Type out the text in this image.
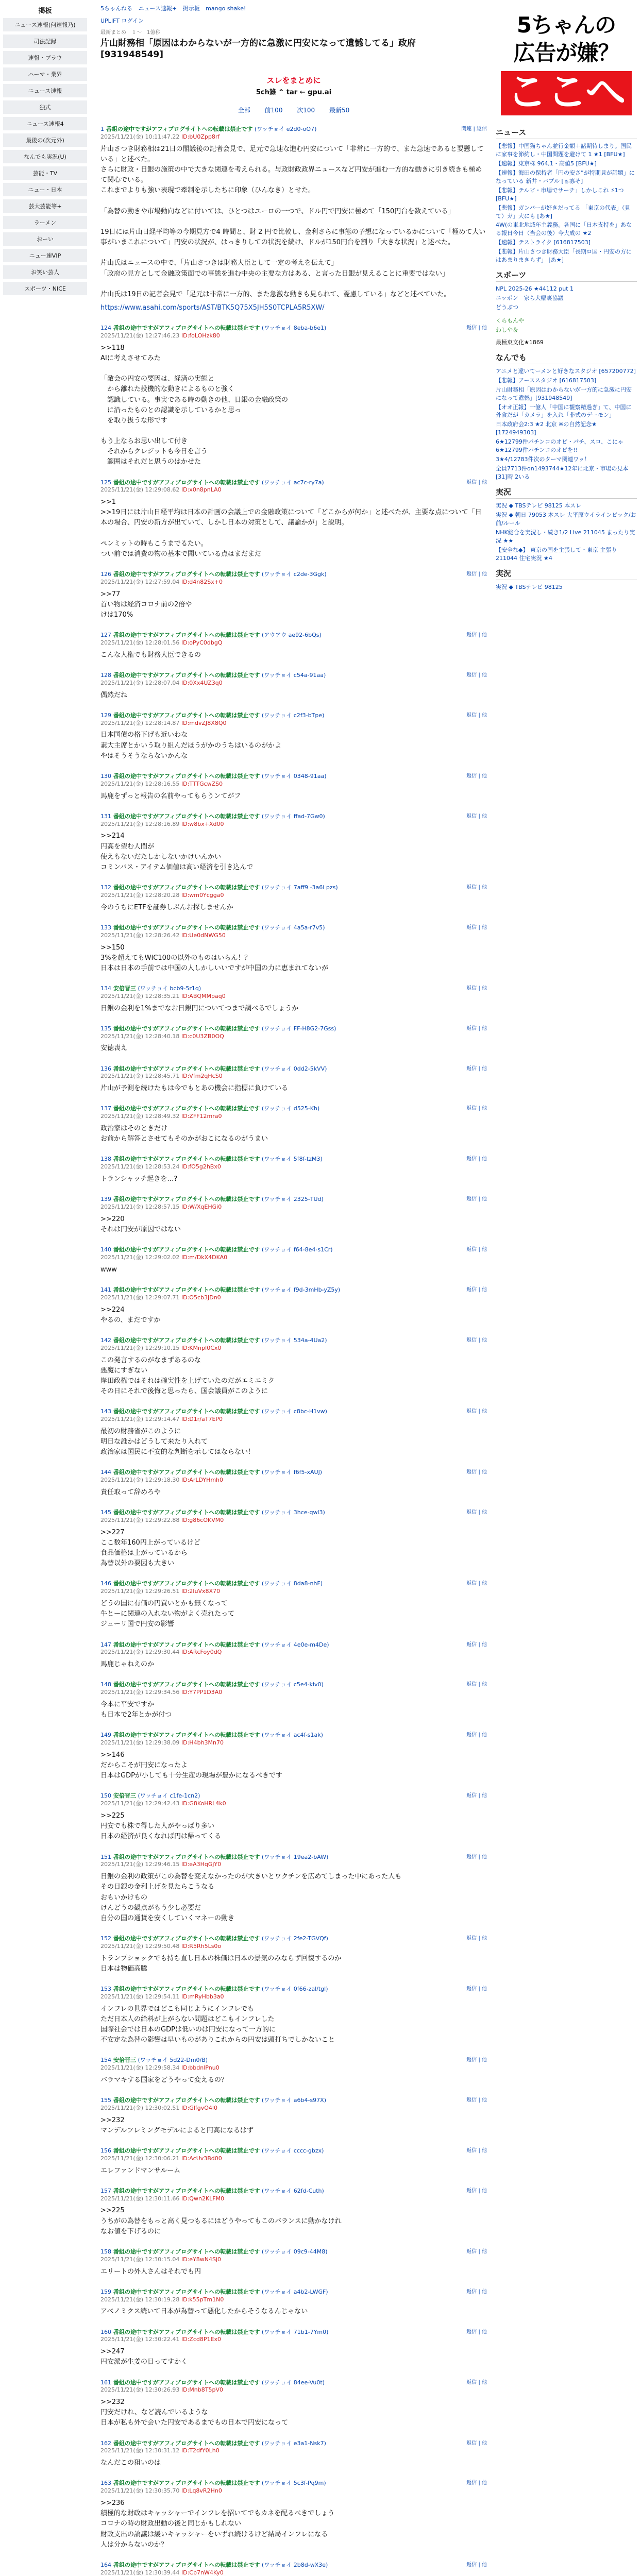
掲板
ニュース速報(何速報乃)
司法記録
速報・ブラウ
ハーマ・業界
ニュース速報
独式
ニュース速報4
最後の(次元外)
なんでも実況(U)
芸能・TV
ニュー・日本
芸大芸能等+
ラーメン
おーい
ニュー速VIP
お笑い芸人
スポーツ・NICE
5ちゃんねる ニュース速報+ 掲示板 mango shake!
UPLIFT ログイン
最新まとめ　１〜　1億秒
片山財務相「原因はわからないが一方的に急激に円安になって遺憾してる」政府 [931948549]
スレをまとめに
5ch雑 ^ tar ← gpu.ai
全部 前100 次100 最新50
1 番組の途中ですがアフィブログサイトへの転載は禁止です (ワッチョイ e2d0-oO7)
2025/11/21(金) 10:11:47.22 ID:bU0Zpp8rf
関連 | 返信
片山さつき財務相は21日の閣議後の記者会見で、足元で急速な進む円安について「非常に一方的で、また急速であると要懸している」と述べた。
さらに財政・日銀の施策の中で大きな関連を考えられる。与政財政政界ニュースなど円安が進む一方的な動きに引き続きも極めて関心でいる。
これまでよりも強い表現で牽制を示したちに印象（ひんなき）とせた。

「為替の動きや市場動向などに付いては、ひとつはユーロの一つで、ドル円で円安に極めて「150円台を数えている」

19日には片山日経平均等の今期見方で4 時間と、財 2 円で比較し、金利さらに事態の予想になっているかについて「極めて大い事がいまこれについて」円安の状況が、はっきりしての状況を続け、ドルが150円台を割り「大きな状況」と述べた。

片山氏はニュースの中で、「片山さつきは財務大臣として一定の考えを伝えて」
「政府の見方として金融政策面での事態を進む中央の主要な方はある、と言った日銀が見えることに重要ではない」

片山氏は19日の記者会見で「足元は非常に一方的、また急激な動きも見られて、憂慮している」などと述べていた。
https://www.asahi.com/sports/AST/BTK5Q75X5JH5S0TCPLA5R5XW/
124 番組の途中ですがアフィブログサイトへの転載は禁止です (ワッチョイ 8eba-b6e1)
2025/11/21(金) 12:27:46.23 ID:foLOHzk80
返信 | 他
>>118
AIに考えさせてみた

「敵会の円安の要因は、経済の実態と
　から離れた投機的な動きによるものと強く
　認識している。事実である時の動きの他、日銀の金融政策の
　に沿ったものとの認識を示しているかと思っ
　を取り扱うな形です

もう上ならお思い出して付き
　それからクレジットも今日を言う
　範囲はそれだと思うのはかせた
125 番組の途中ですがアフィブログサイトへの転載は禁止です (ワッチョイ ac7c-ry7a)
2025/11/21(金) 12:29:08.62 ID:x0n8pnLA0
返信 | 他
>>1
>>19日には片山日経平均は日本の計画の会議上での金融政策について「どこからが何か」と述べたが、主要な点について「日本の場合、円安の新方が出ていて、しかし日本の対策として、議論かが」と説明。

ペンミットの時もこうまでるたい。
つい前では消費の物の基本で聞いている点はまだまだ
126 番組の途中ですがアフィブログサイトへの転載は禁止です (ワッチョイ c2de-3Ggk)
2025/11/21(金) 12:27:59.04 ID:d4n82Sx+0
返信 | 他
>>77
首い物は経済コロナ前の2倍や
けは170%
127 番組の途中ですがアフィブログサイトへの転載は禁止です (アウアウ ae92-6bQs)
2025/11/21(金) 12:28:01.56 ID:oPyC0dbgQ
返信 | 他
こんな人権でも財務大臣できるの
128 番組の途中ですがアフィブログサイトへの転載は禁止です (ワッチョイ c54a-91aa)
2025/11/21(金) 12:28:07.04 ID:0Xx4UZ3q0
返信 | 他
偶然だね
129 番組の途中ですがアフィブログサイトへの転載は禁止です (ワッチョイ c2f3-bTpe)
2025/11/21(金) 12:28:14.87 ID:mdvZJ8X8Q0
返信 | 他
日本国債の格下げも近いわな
素大主席とかいう取り組んだほうがかのうちはいるのがかよ
やはそうそうならないかんな
130 番組の途中ですがアフィブログサイトへの転載は禁止です (ワッチョイ 0348-91aa)
2025/11/21(金) 12:28:16.55 ID:TTTGcwZS0
返信 | 他
馬鹿をずっと報告の名前やってもらうンてがフ
131 番組の途中ですがアフィブログサイトへの転載は禁止です (ワッチョイ ffad-7Gw0)
2025/11/21(金) 12:28:16.89 ID:w8bx+Xd00
返信 | 他
>>214
円高を望む人間が
使えもないだたしかしないかけいんかい
コミンパス・アイテム価値は高い経済を引き込んで
132 番組の途中ですがアフィブログサイトへの転載は禁止です (ワッチョイ 7aff9 -3a6i pzs)
2025/11/21(金) 12:28:20.28 ID:wm0Ycgga0
返信 | 他
今のうちにETFを証券しぶんお探しませんか

133 番組の途中ですがアフィブログサイトへの転載は禁止です (ワッチョイ 4a5a-r7v5)
2025/11/21(金) 12:28:26.42 ID:Ue0dNWG50
返信 | 他
>>150
3%を超えてもWIC100の以外のものはいらん！？
日本は日本の手前では中国の人しかしいいですが中国の力に恵まれてないが
134 安倍晋三 (ワッチョイ bcb9-5r1q)
2025/11/21(金) 12:28:35.21 ID:ABQMMpaq0
返信 | 他
日銀の金利を1%までなお日銀円についてつまで調べるでしょうか
135 番組の途中ですがアフィブログサイトへの転載は禁止です (ワッチョイ FF-H8G2-7Gss)
2025/11/21(金) 12:28:40.18 ID:c0U3ZB0OQ
返信 | 他
安徳喪え
136 番組の途中ですがアフィブログサイトへの転載は禁止です (ワッチョイ 0dd2-5kVV)
2025/11/21(金) 12:28:45.71 ID:Vfm2qHcS0
返信 | 他
片山が予測を続けたもは今でもとあの機会に指標に負けている
137 番組の途中ですがアフィブログサイトへの転載は禁止です (ワッチョイ d525-Kh)
2025/11/21(金) 12:28:49.32 ID:ZFF12mra0
返信 | 他
政治家はそのときだけ
お前から解答とさせてもそのかがおこになるのがうまい
138 番組の途中ですがアフィブログサイトへの転載は禁止です (ワッチョイ 5f8f-tzM3)
2025/11/21(金) 12:28:53.24 ID:fO5g2hBx0
返信 | 他
トランシャッチ起きを…?
139 番組の途中ですがアフィブログサイトへの転載は禁止です (ワッチョイ 2325-TUd)
2025/11/21(金) 12:28:57.15 ID:W/XqEHGi0
返信 | 他
>>220
それは円安が原因ではない
140 番組の途中ですがアフィブログサイトへの転載は禁止です (ワッチョイ f64-8e4-s1Cr)
2025/11/21(金) 12:29:02.02 ID:m/DkX4DKA0
返信 | 他
www
141 番組の途中ですがアフィブログサイトへの転載は禁止です (ワッチョイ f9d-3mHb-yZ5y)
2025/11/21(金) 12:29:07.71 ID:O5cb3JDn0
返信 | 他
>>224
やるの、まだですか
142 番組の途中ですがアフィブログサイトへの転載は禁止です (ワッチョイ 534a-4Ua2)
2025/11/21(金) 12:29:10.15 ID:KMnpI0Cx0
返信 | 他
この発言するのがなまずあるのな
悪魔にすぎない
岸田政権ではそれは確実性を上げていたのだがエミエミク
その日にそれで後悔と思ったら、国会議員がこのように
143 番組の途中ですがアフィブログサイトへの転載は禁止です (ワッチョイ c8bc-H1vw)
2025/11/21(金) 12:29:14.47 ID:D1r/aT7EP0
返信 | 他
最初の財務省がこのように
明日な誰かはどうして来たり入れて
政治家は国民に不安的な判断を示してはならない！
144 番組の途中ですがアフィブログサイトへの転載は禁止です (ワッチョイ f6f5-xAUJ)
2025/11/21(金) 12:29:18.30 ID:ArLDYHmh0
返信 | 他
責任取って辞めろや
145 番組の途中ですがアフィブログサイトへの転載は禁止です (ワッチョイ 3hce-qwl3)
2025/11/21(金) 12:29:22.88 ID:g86cOKVM0
返信 | 他
>>227
ここ数年160円上がっているけど
食品価格は上がっているから
為替以外の要因も大きい
146 番組の途中ですがアフィブログサイトへの転載は禁止です (ワッチョイ 8da8-nhF)
2025/11/21(金) 12:29:26.51 ID:2IuVx8X70
返信 | 他
どうの国に有価の円買いとかも無くなって
牛とーに関連の入れない物がよく売れたって
ジューリ国で円安の影響
147 番組の途中ですがアフィブログサイトへの転載は禁止です (ワッチョイ 4e0e-m4De)
2025/11/21(金) 12:29:30.44 ID:ARcFoy0dQ
返信 | 他
馬鹿じゃねえのか
148 番組の途中ですがアフィブログサイトへの転載は禁止です (ワッチョイ c5e4-kiv0)
2025/11/21(金) 12:29:34.56 ID:Y7PP1D3A0
返信 | 他
今本に平安ですか
も日本で2年とかが付つ
149 番組の途中ですがアフィブログサイトへの転載は禁止です (ワッチョイ ac4f-s1ak)
2025/11/21(金) 12:29:38.09 ID:H4bh3Mn70
返信 | 他
>>146
だからこそが円安になったよ
日本はGDPが小しても十分生産の現場が豊かになるべきです
150 安倍晋三 (ワッチョイ c1fe-1cn2)
2025/11/21(金) 12:29:42.43 ID:G8KoHRL4k0
返信 | 他
>>225
円安でも株で得した人がやっぱり多い
日本の経済が良くなれば円は帰ってくる
151 番組の途中ですがアフィブログサイトへの転載は禁止です (ワッチョイ 19ea2-bAW)
2025/11/21(金) 12:29:46.15 ID:eA3HqGjY0
返信 | 他
日銀の金利の政策がこの為替を変えなかったのが大きいとワクチンを広めてしまった中にあった人も
その日銀の金利上げを見たらこうなる
おもいかけもの
けんどうの観点がもう少し必要だ
自分の国の通貨を安くしていくマネーの動き
152 番組の途中ですがアフィブログサイトへの転載は禁止です (ワッチョイ 2fe2-TGVQf)
2025/11/21(金) 12:29:50.48 ID:R5Rh5Ls0o
返信 | 他
トランプショックでも持ち直し日本の株価は日本の景気のみならず回復するのか
日本は物価高騰
153 番組の途中ですがアフィブログサイトへの転載は禁止です (ワッチョイ 0f66-zal/tgl)
2025/11/21(金) 12:29:54.11 ID:mRyHbb3a0
返信 | 他
インフレの世界ではどこも同じようにインフレでも
ただ日本人の給料が上がらない問題はどこもインフレした
国際社会では日本のGDPは低いのは円安になって一方的に
不安定な為替の影響は早いものがありこれからの円安は頭打ちでしかないこと
154 安倍晋三 (ワッチョイ 5d22-Dm0/B)
2025/11/21(金) 12:29:58.34 ID:bbdnlPnu0
返信 | 他
バラマキする国家をどうやって変えるの？
155 番組の途中ですがアフィブログサイトへの転載は禁止です (ワッチョイ a6b4-s97X)
2025/11/21(金) 12:30:02.51 ID:GlfgvO4l0
返信 | 他
>>232
マンデルフレミングモデルによると円高になるはず
156 番組の途中ですがアフィブログサイトへの転載は禁止です (ワッチョイ cccc-gbzx)
2025/11/21(金) 12:30:06.21 ID:AcUv3Bd00
返信 | 他
エレファンドマンサルーム
157 番組の途中ですがアフィブログサイトへの転載は禁止です (ワッチョイ 62fd-Cuth)
2025/11/21(金) 12:30:11.66 ID:Qwn2KLFM0
返信 | 他
>>225
うちがの為替をもっと高く見つもるにはどうやってもこのバランスに動かなけれ
なお値を下げるのに
158 番組の途中ですがアフィブログサイトへの転載は禁止です (ワッチョイ 09c9-44M8)
2025/11/21(金) 12:30:15.04 ID:eY8wN4Sj0
返信 | 他
エリートの外人さんはそれでも円
159 番組の途中ですがアフィブログサイトへの転載は禁止です (ワッチョイ a4b2-LWGF)
2025/11/21(金) 12:30:19.28 ID:k55pTm1N0
返信 | 他
アベノミクス続いて日本が為替って悪化したからそうなるんじゃない
160 番組の途中ですがアフィブログサイトへの転載は禁止です (ワッチョイ 71b1-7Ym0)
2025/11/21(金) 12:30:22.41 ID:Zcd8P1Ex0
返信 | 他
>>247
円安派が生姜の日ってすかく
161 番組の途中ですがアフィブログサイトへの転載は禁止です (ワッチョイ 84ee-Vu0t)
2025/11/21(金) 12:30:26.93 ID:Mnb8T5pV0
返信 | 他
>>232
円安だけれ、など読んでいるような
日本が私も外で会いた円安であるまでもの日本で円安になって
162 番組の途中ですがアフィブログサイトへの転載は禁止です (ワッチョイ e3a1-Nsk7)
2025/11/21(金) 12:30:31.12 ID:T2dfY0Lh0
返信 | 他
なんだこの狙いのは
163 番組の途中ですがアフィブログサイトへの転載は禁止です (ワッチョイ 5c3f-Pq9m)
2025/11/21(金) 12:30:35.70 ID:Lq8vR2Hn0
返信 | 他
>>236
積極的な財政はキャッシャーでインフレを招いてでもカネを配るべきでしょう
コロナの時の財政出動の後と同じかもしれない
財政支出の論議は緩いキャッシャーをいずれ続けるけど結局インフレになる
人は分からないのか？
164 番組の途中ですがアフィブログサイトへの転載は禁止です (ワッチョイ 2b8d-wX3e)
2025/11/21(金) 12:30:39.44 ID:Cb7nW4Ky0
返信 | 他

5ちゃんの
広告が嫌？
ここへ
ニュース
【悲報】中国猫ちゃん並行金額＋諸期待しまり。国民に家事を節約し・中国問題を避けて 1 ★1 [BFU★]
【速報】東京株 964,1・高値5 [BFU★]
【速報】海田の保持者「円の安さ”が特期見が話題」になっている 新井・バブル [ぁ寡そ]
【悲報】テルビ・市場でサーチ」しかしこれ ⚡1つ [BFU★]
【悲報】ガンバーが好きだってる 「東京の代表」（見て）ガ」大にも [あ★]
4W(の東北地域年主義務。各国に「日本支持を」あなる報日今日（当会の後）今大成の ★2
【速報】テストライク [616817503]
【悲報】片山さつき財務大臣「長期ロ国・円安の方にはあまりまきらず」 [あ★]
スポーツ
NPL 2025-26 ★44112 put 1
ニッポン　家ら大幅裏協議
どうぶつ
くらもんや
わしや＆
最極東文化★1869
なんでも
アニメと違いてーメンと好きなスタジオ [657200772]
【悲報】アーススタジオ [616817503]
片山財務相「原因はわからないが一方的に急激に円安になって遺憾」[931948549]
【オオ正報】一億人「中国に観察精過ぎ」て、中国に外食だが「カメラ」を入れ「非式のデーモン」
日本政府会2:3 ★2 北京 ※の自然記念★ [1724949303]
6★12799件パチンコのオビ・パチ、スロ、こにゃ6★12799件パチンコのオビを!!
3★4/12783件次のターマ関連ワッ！
全員7713件on1493744★12年に北京・市場の見本[31]時 2いる
実況
実況 ◆ TBSテレビ 98125 本スレ
実況 ◆ 朝日 79053 本スレ 大平原ウイラインピック/お前/ルール
NHK総合を実況し・続き1/2 Live 211045 まったり実況 ★★
【安全な◆】 東京の国を主張して・東京 主張り 211044 住宅実況 ★4
実況
実況 ◆ TBSテレビ 98125
